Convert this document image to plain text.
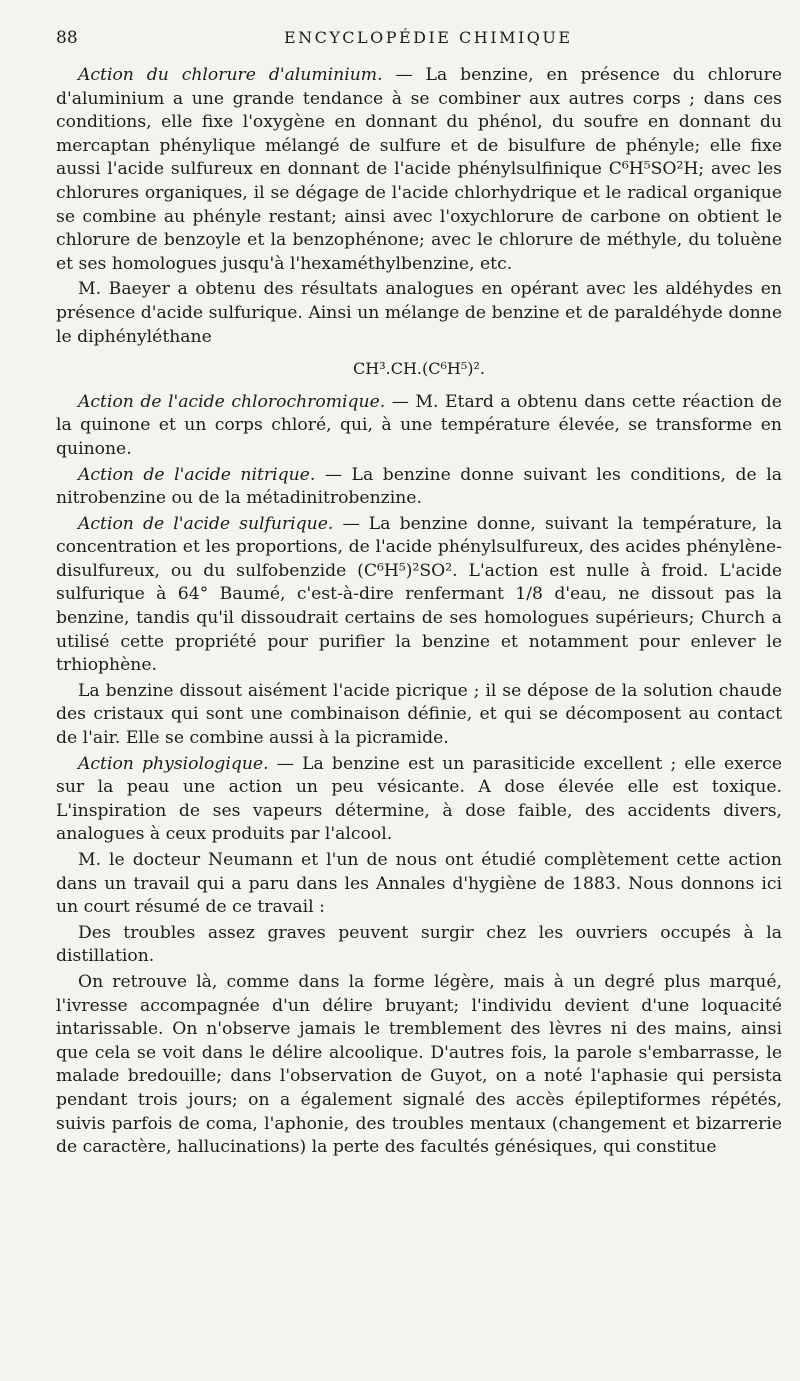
88	ENCYCLOPÉDIE CHIMIQUE

Action du chlorure d'aluminium. — La benzine, en présence du chlorure d'aluminium a une grande tendance à se combiner aux autres corps ; dans ces conditions, elle fixe l'oxygène en donnant du phénol, du soufre en donnant du mercaptan phénylique mélangé de sulfure et de bisulfure de phényle; elle fixe aussi l'acide sulfureux en donnant de l'acide phénylsulfinique C⁶H⁵SO²H; avec les chlorures organiques, il se dégage de l'acide chlorhydrique et le radical organique se combine au phényle restant; ainsi avec l'oxychlorure de carbone on obtient le chlorure de benzoyle et la benzophénone; avec le chlorure de méthyle, du toluène et ses homologues jusqu'à l'hexaméthylbenzine, etc.

M. Baeyer a obtenu des résultats analogues en opérant avec les aldéhydes en présence d'acide sulfurique. Ainsi un mélange de benzine et de paraldéhyde donne le diphényléthane

CH³.CH.(C⁶H⁵)².

Action de l'acide chlorochromique. — M. Etard a obtenu dans cette réaction de la quinone et un corps chloré, qui, à une température élevée, se transforme en quinone.

Action de l'acide nitrique. — La benzine donne suivant les conditions, de la nitrobenzine ou de la métadinitrobenzine.

Action de l'acide sulfurique. — La benzine donne, suivant la température, la concentration et les proportions, de l'acide phénylsulfureux, des acides phénylène-disulfureux, ou du sulfobenzide (C⁶H⁵)²SO². L'action est nulle à froid. L'acide sulfurique à 64° Baumé, c'est-à-dire renfermant 1/8 d'eau, ne dissout pas la benzine, tandis qu'il dissoudrait certains de ses homologues supérieurs; Church a utilisé cette propriété pour purifier la benzine et notamment pour enlever le trhiophène.

La benzine dissout aisément l'acide picrique ; il se dépose de la solution chaude des cristaux qui sont une combinaison définie, et qui se décomposent au contact de l'air. Elle se combine aussi à la picramide.

Action physiologique. — La benzine est un parasiticide excellent ; elle exerce sur la peau une action un peu vésicante. A dose élevée elle est toxique. L'inspiration de ses vapeurs détermine, à dose faible, des accidents divers, analogues à ceux produits par l'alcool.

M. le docteur Neumann et l'un de nous ont étudié complètement cette action dans un travail qui a paru dans les Annales d'hygiène de 1883. Nous donnons ici un court résumé de ce travail :

Des troubles assez graves peuvent surgir chez les ouvriers occupés à la distillation.

On retrouve là, comme dans la forme légère, mais à un degré plus marqué, l'ivresse accompagnée d'un délire bruyant; l'individu devient d'une loquacité intarissable. On n'observe jamais le tremblement des lèvres ni des mains, ainsi que cela se voit dans le délire alcoolique. D'autres fois, la parole s'embarrasse, le malade bredouille; dans l'observation de Guyot, on a noté l'aphasie qui persista pendant trois jours; on a également signalé des accès épileptiformes répétés, suivis parfois de coma, l'aphonie, des troubles mentaux (changement et bizarrerie de caractère, hallucinations) la perte des facultés génésiques, qui constitue
